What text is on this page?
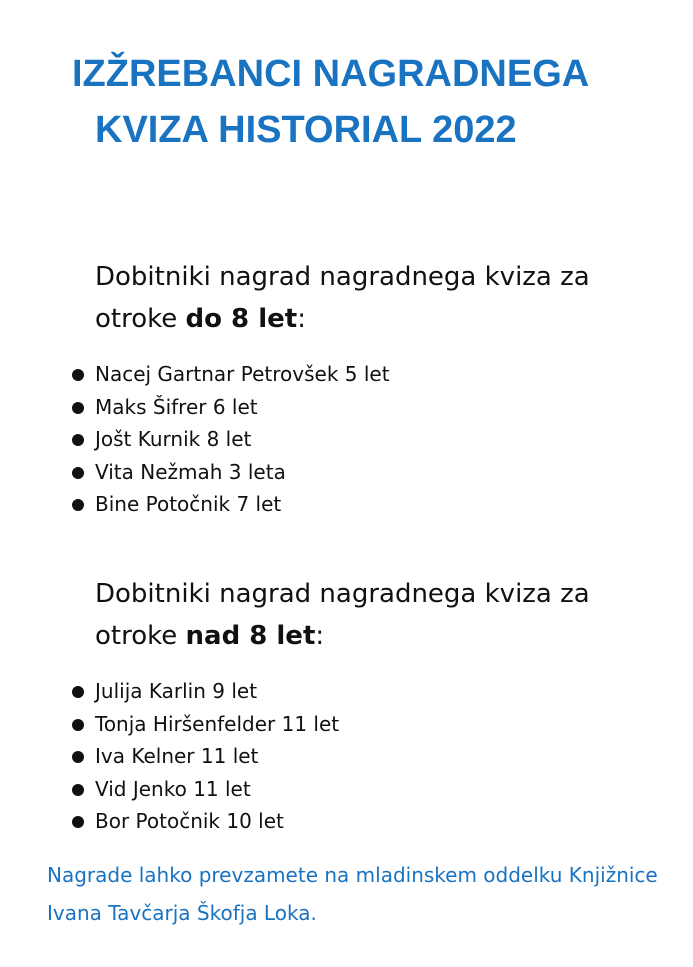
IZŽREBANCI NAGRADNEGA
KVIZA HISTORIAL 2022
Dobitniki nagrad nagradnega kviza za otroke do 8 let:
Nacej Gartnar Petrovšek 5 let
Maks Šifrer 6 let
Jošt Kurnik 8 let
Vita Nežmah 3 leta
Bine Potočnik 7 let
Dobitniki nagrad nagradnega kviza za otroke nad 8 let:
Julija Karlin 9 let
Tonja Hiršenfelder 11 let
Iva Kelner 11 let
Vid Jenko 11 let
Bor Potočnik 10 let

Nagrade lahko prevzamete na mladinskem oddelku Knjižnice Ivana Tavčarja Škofja Loka.
